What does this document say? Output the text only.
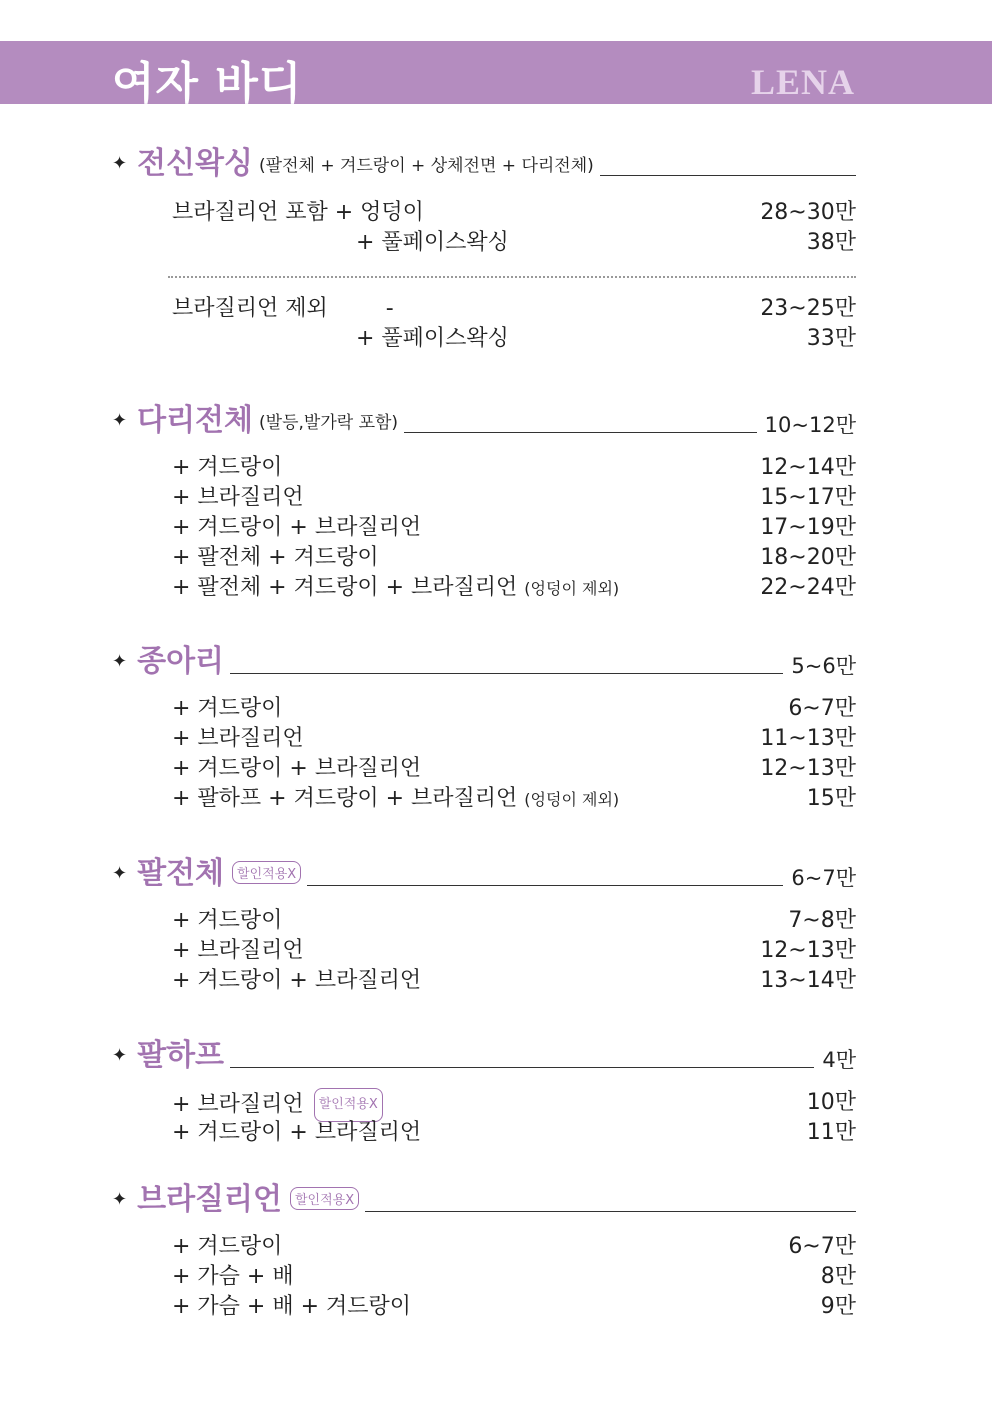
여자 바디	LENA
✦ 전신왁싱 (팔전체 + 겨드랑이 + 상체전면 + 다리전체)
브라질리언 포함 + 엉덩이	28~30만
+ 풀페이스왁싱	38만
브라질리언 제외	-	23~25만
+ 풀페이스왁싱	33만
✦ 다리전체 (발등,발가락 포함)	10~12만
+ 겨드랑이	12~14만
+ 브라질리언	15~17만
+ 겨드랑이 + 브라질리언	17~19만
+ 팔전체 + 겨드랑이	18~20만
+ 팔전체 + 겨드랑이 + 브라질리언 (엉덩이 제외)	22~24만
✦ 종아리	5~6만
+ 겨드랑이	6~7만
+ 브라질리언	11~13만
+ 겨드랑이 + 브라질리언	12~13만
+ 팔하프 + 겨드랑이 + 브라질리언 (엉덩이 제외)	15만
✦ 팔전체	할인적용X	6~7만
+ 겨드랑이	7~8만
+ 브라질리언	12~13만
+ 겨드랑이 + 브라질리언	13~14만
✦ 팔하프	4만
+ 브라질리언 할인적용X	10만
+ 겨드랑이 + 브라질리언	11만
✦ 브라질리언	할인적용X
+ 겨드랑이	6~7만
+ 가슴 + 배	8만
+ 가슴 + 배 + 겨드랑이	9만
